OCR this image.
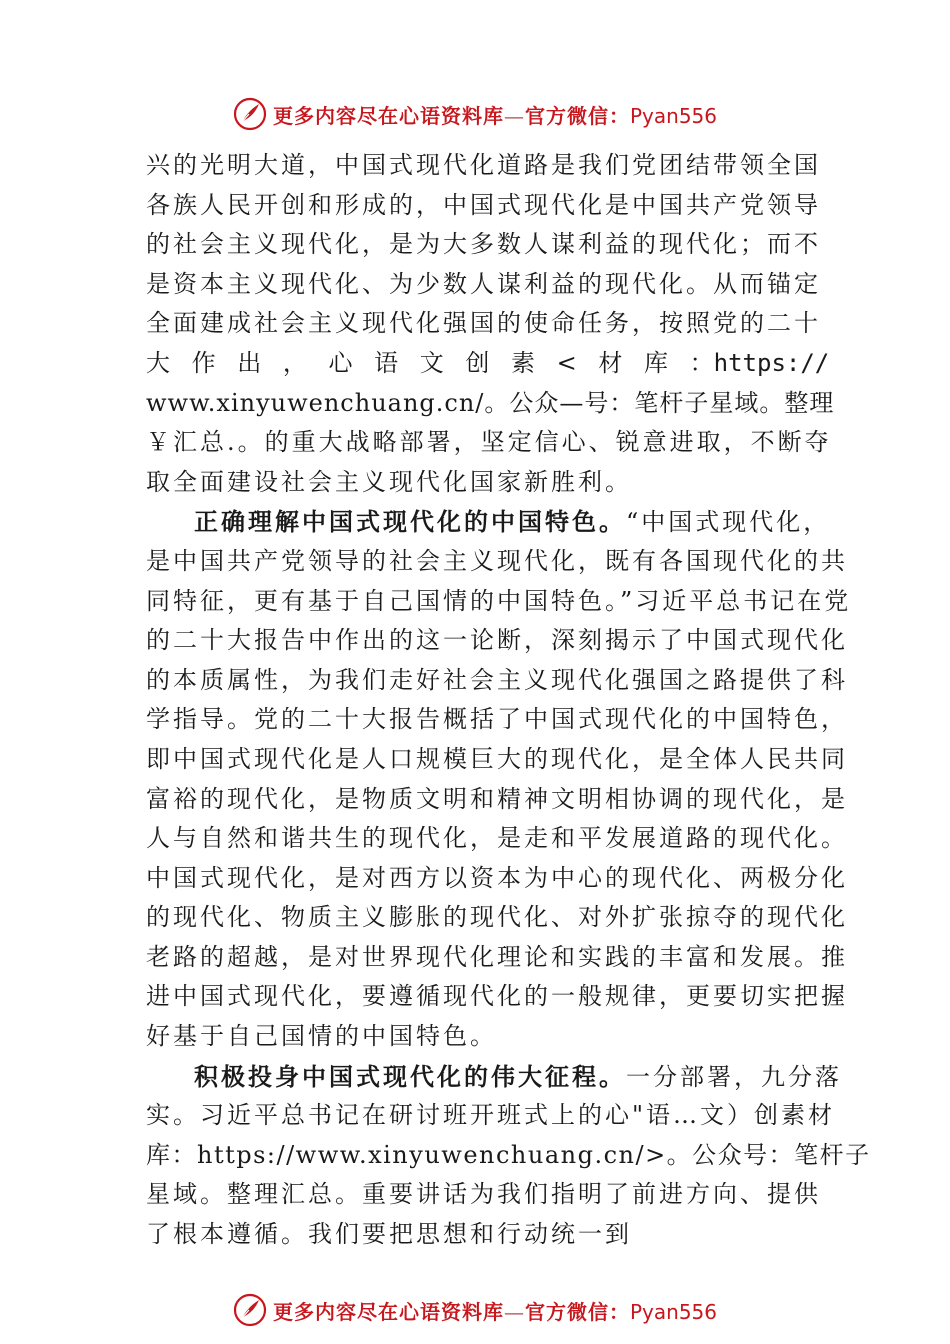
更多内容尽在心语资料库—官方微信：Pyan556
兴的光明大道，中国式现代化道路是我们党团结带领全国
各族人民开创和形成的，中国式现代化是中国共产党领导
的社会主义现代化，是为大多数人谋利益的现代化；而不
是资本主义现代化、为少数人谋利益的现代化。从而锚定
全面建成社会主义现代化强国的使命任务，按照党的二十
大 作 出 ， 心 语 文 创 素 < 材 库 ： https://
www.xinyuwenchuang.cn/。公众—号：笔杆子星域。整理
￥汇总.。的重大战略部署，坚定信心、锐意进取，不断夺
取全面建设社会主义现代化国家新胜利。
正确理解中国式现代化的中国特色。“中国式现代化，
是中国共产党领导的社会主义现代化，既有各国现代化的共
同特征，更有基于自己国情的中国特色。”习近平总书记在党
的二十大报告中作出的这一论断，深刻揭示了中国式现代化
的本质属性，为我们走好社会主义现代化强国之路提供了科
学指导。党的二十大报告概括了中国式现代化的中国特色，
即中国式现代化是人口规模巨大的现代化，是全体人民共同
富裕的现代化，是物质文明和精神文明相协调的现代化，是
人与自然和谐共生的现代化，是走和平发展道路的现代化。
中国式现代化，是对西方以资本为中心的现代化、两极分化
的现代化、物质主义膨胀的现代化、对外扩张掠夺的现代化
老路的超越，是对世界现代化理论和实践的丰富和发展。推
进中国式现代化，要遵循现代化的一般规律，更要切实把握
好基于自己国情的中国特色。
积极投身中国式现代化的伟大征程。一分部署，九分落
实。习近平总书记在研讨班开班式上的心"语…文）创素材
库：https://www.xinyuwenchuang.cn/>。公众号：笔杆子
星域。整理汇总。重要讲话为我们指明了前进方向、提供
了根本遵循。我们要把思想和行动统一到
更多内容尽在心语资料库—官方微信：Pyan556
